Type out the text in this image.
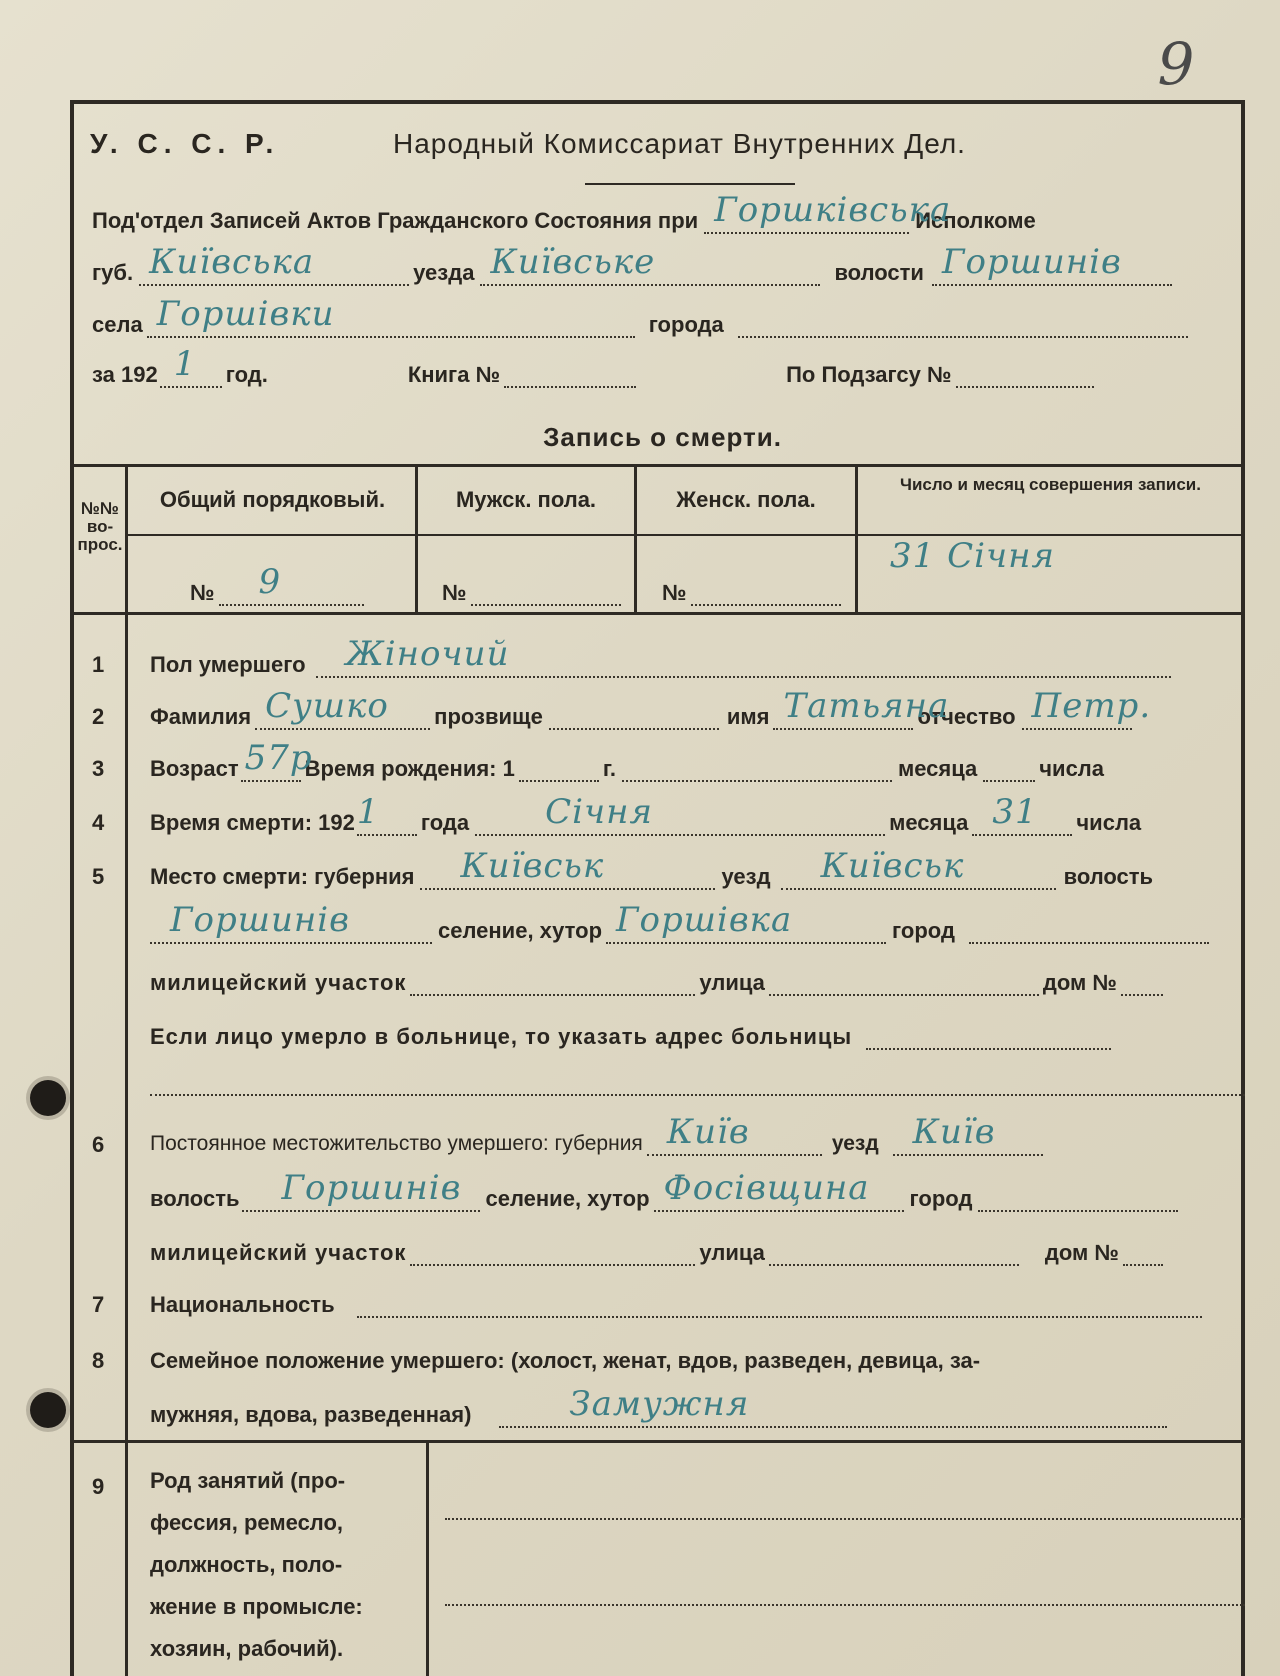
9
У. С. С. Р.	Народный Комиссариат Внутренних Дел.
Под'отдел Записей Актов Гражданского Состояния при Горшківська
Исполкоме
губ. Київська	уезда Київське	волости Горшинів
села Горшівки	города
за 192 1 год.	Книга №	По Подзагсу №
Запись о смерти.
№№ во- прос.
Общий порядковый.	Мужск. пола.	Женск. пола.
Число и месяц совершения записи.
№ 9	№	№
31 Січня
1
2
3
4
5
6
7
8
9
Пол умершего Жіночий
Фамилия Сушко прозвище	имя Татьяна
отчество Петр.
Возраст 57р
Время рождения: 1	г.	месяца	числа
Время смерти: 192 1 года Січня	месяца 31 числа
Место смерти: губерния Київськ	уезд Київськ	волость
Горшинів	селение, хутор Горшівка	город
милицейский участок	улица	дом №
Если лицо умерло в больнице, то указать адрес больницы
Постоянное местожительство умершего: губерния Київ	уезд Київ
волость Горшинів селение, хутор Фосівщина город
милицейский участок	улица	дом №
Национальность
Семейное положение умершего: (холост, женат, вдов, разведен, девица, за-
мужняя, вдова, разведенная)	Замужня
Род занятий (про-
фессия, ремесло,
должность, поло-
жение в промысле:
хозяин, рабочий).
